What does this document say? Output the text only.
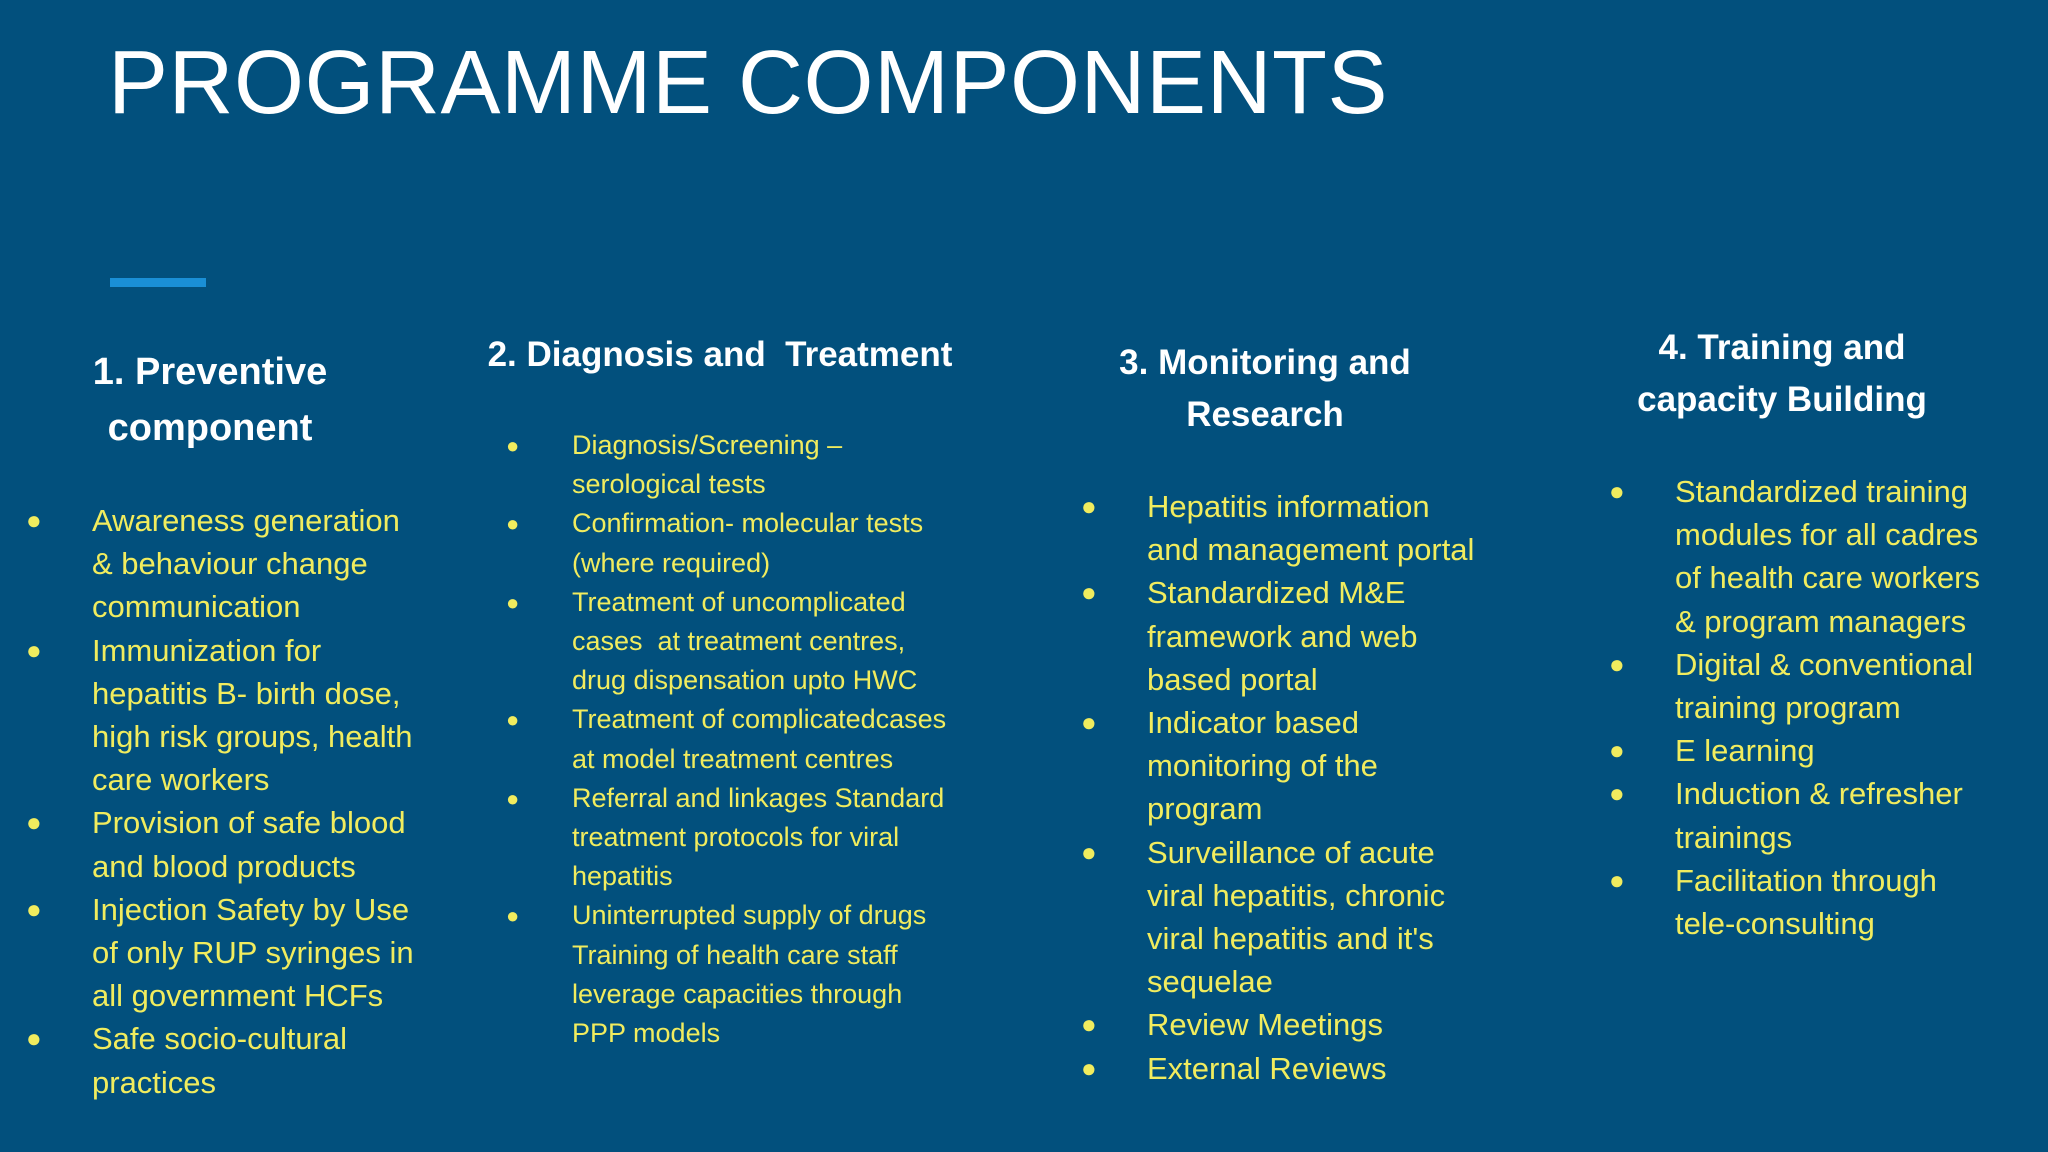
PROGRAMME COMPONENTS
1. Preventive
component
● Awareness generation
& behaviour change
communication
● Immunization for
hepatitis B- birth dose,
high risk groups, health
care workers
● Provision of safe blood
and blood products
● Injection Safety by Use
of only RUP syringes in
all government HCFs
● Safe socio-cultural
practices
2. Diagnosis and  Treatment
● Diagnosis/Screening –
serological tests
● Confirmation- molecular tests
(where required)
● Treatment of uncomplicated
cases  at treatment centres,
drug dispensation upto HWC
● Treatment of complicatedcases
at model treatment centres
● Referral and linkages Standard
treatment protocols for viral
hepatitis
● Uninterrupted supply of drugs
Training of health care staff
leverage capacities through
PPP models
3. Monitoring and
Research
● Hepatitis information
and management portal
● Standardized M&E
framework and web
based portal
● Indicator based
monitoring of the
program
● Surveillance of acute
viral hepatitis, chronic
viral hepatitis and it's
sequelae
● Review Meetings
● External Reviews
4. Training and
capacity Building
● Standardized training
modules for all cadres
of health care workers
& program managers
● Digital & conventional
training program
● E learning
● Induction & refresher
trainings
● Facilitation through
tele-consulting
